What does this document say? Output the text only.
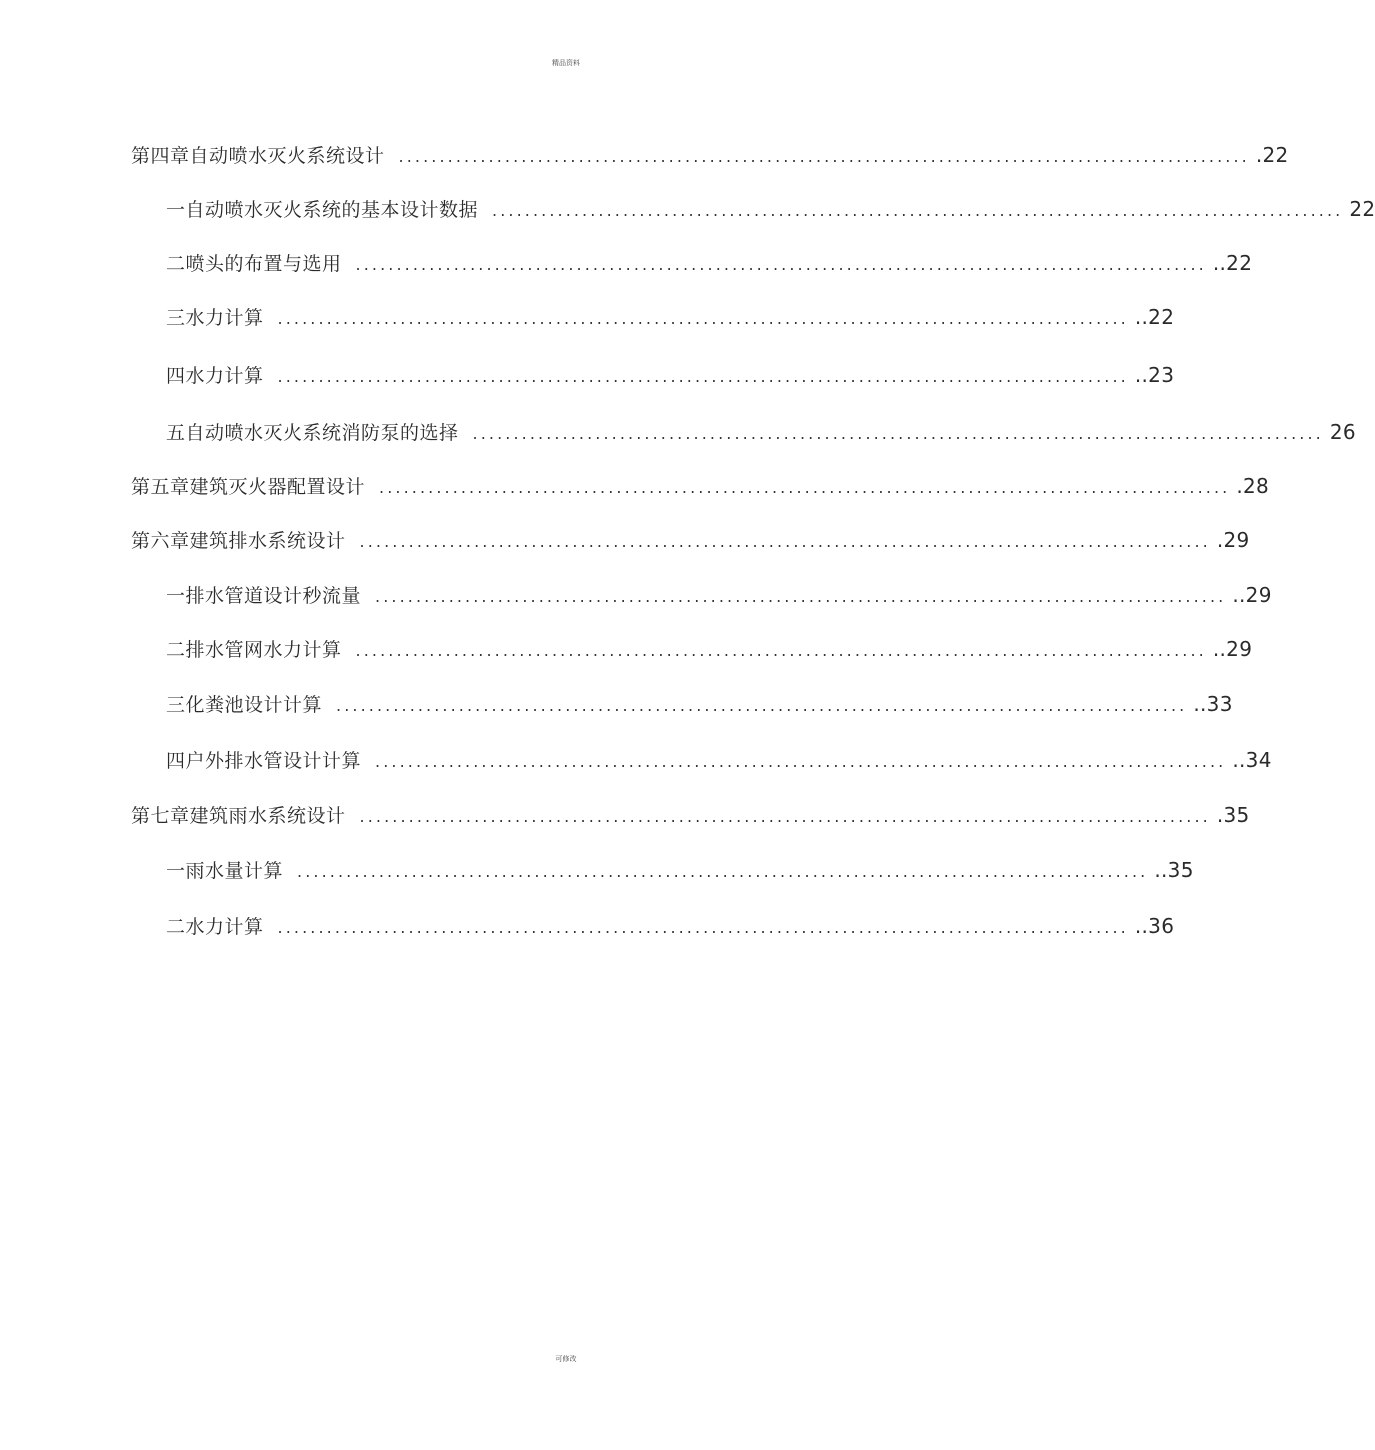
精品资料
第四章自动喷水灭火系统设计 ........................................................................................................ .22
一自动喷水灭火系统的基本设计数据 ........................................................................................................ 22
二喷头的布置与选用 ........................................................................................................ ..22
三水力计算 ........................................................................................................ ..22
四水力计算 ........................................................................................................ ..23
五自动喷水灭火系统消防泵的选择 ........................................................................................................ 26
第五章建筑灭火器配置设计 ........................................................................................................ .28
第六章建筑排水系统设计 ........................................................................................................ .29
一排水管道设计秒流量 ........................................................................................................ ..29
二排水管网水力计算 ........................................................................................................ ..29
三化粪池设计计算 ........................................................................................................ ..33
四户外排水管设计计算 ........................................................................................................ ..34
第七章建筑雨水系统设计 ........................................................................................................ .35
一雨水量计算 ........................................................................................................ ..35
二水力计算 ........................................................................................................ ..36
可修改
